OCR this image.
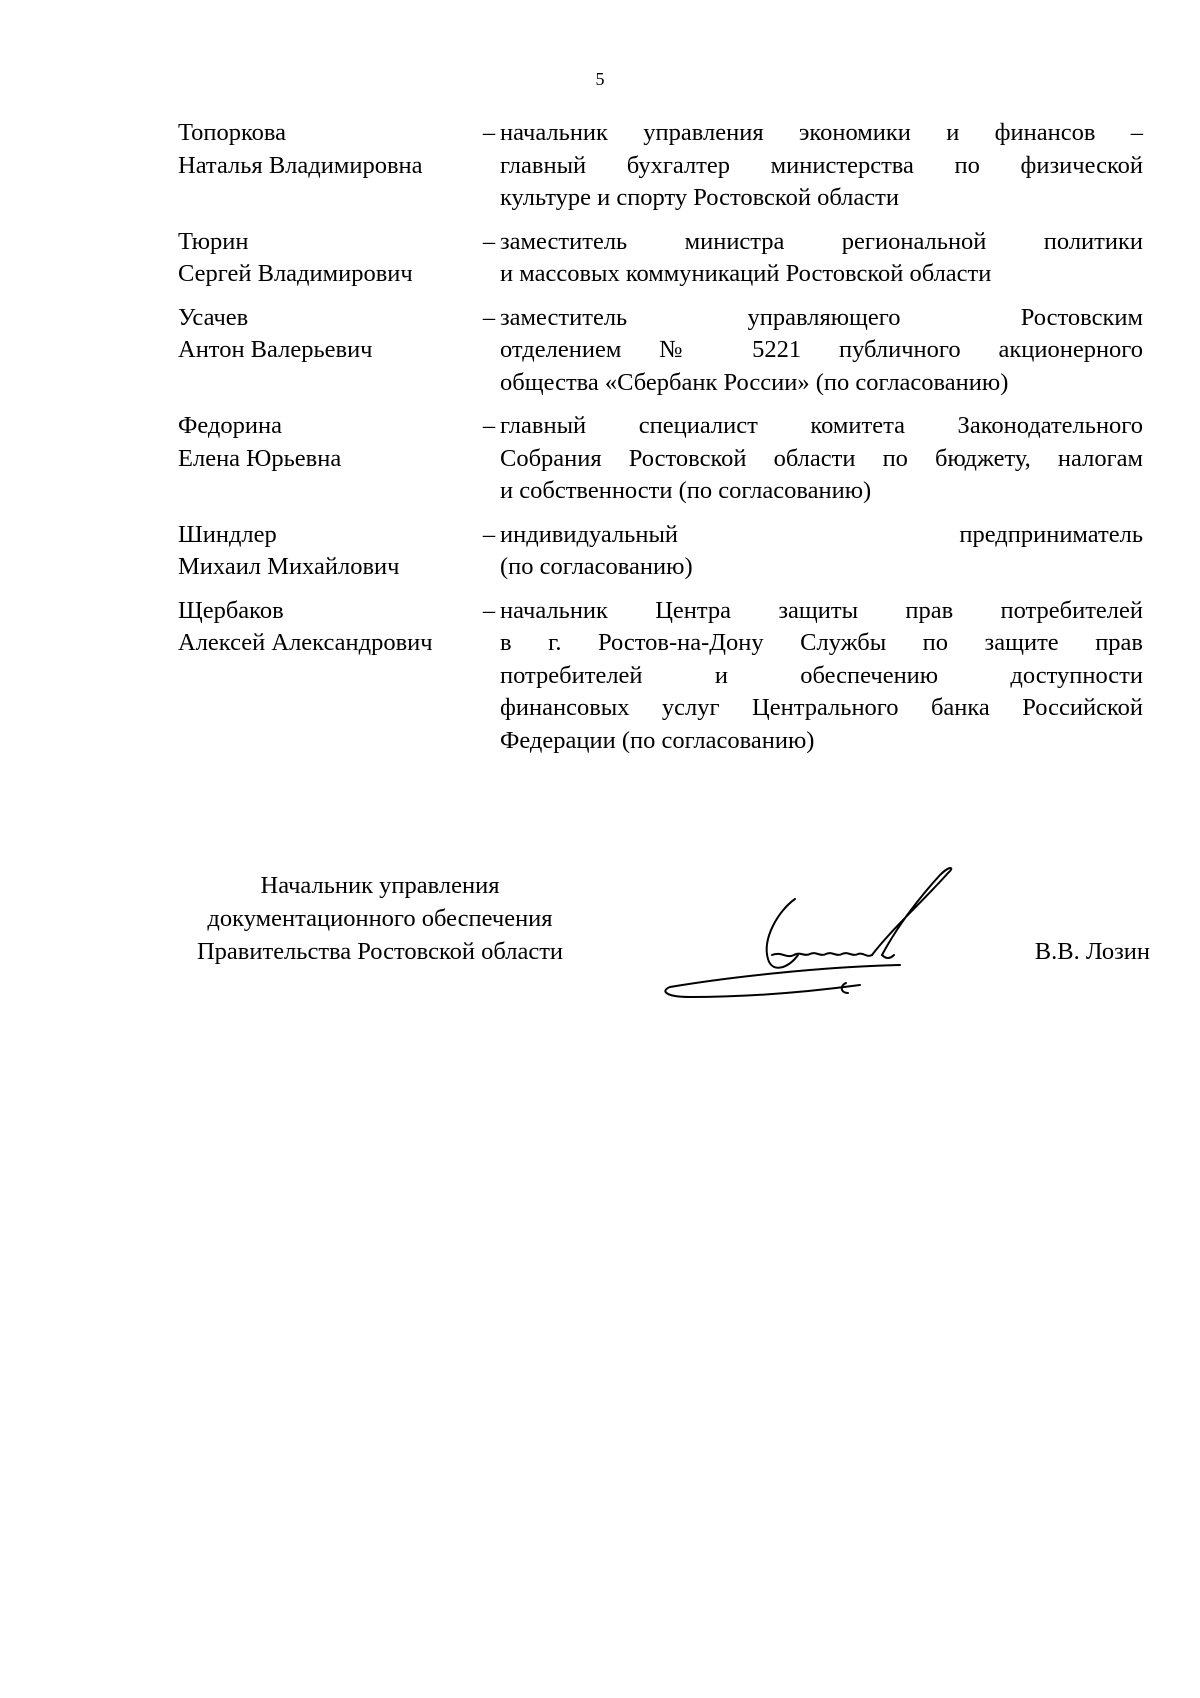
5
Топоркова
Наталья Владимировна
– начальник управления экономики и финансов –
главный бухгалтер министерства по физической
культуре и спорту Ростовской области
Тюрин
Сергей Владимирович
– заместитель министра региональной политики
и массовых коммуникаций Ростовской области
Усачев
Антон Валерьевич
– заместитель управляющего Ростовским
отделением № 5221 публичного акционерного
общества «Сбербанк России» (по согласованию)
Федорина
Елена Юрьевна
– главный специалист комитета Законодательного
Собрания Ростовской области по бюджету, налогам
и собственности (по согласованию)
Шиндлер
Михаил Михайлович
– индивидуальный предприниматель
(по согласованию)
Щербаков
Алексей Александрович
– начальник Центра защиты прав потребителей
в г. Ростов-на-Дону Службы по защите прав
потребителей и обеспечению доступности
финансовых услуг Центрального банка Российской
Федерации (по согласованию)
Начальник управления
документационного обеспечения
Правительства Ростовской области	В.В. Лозин
